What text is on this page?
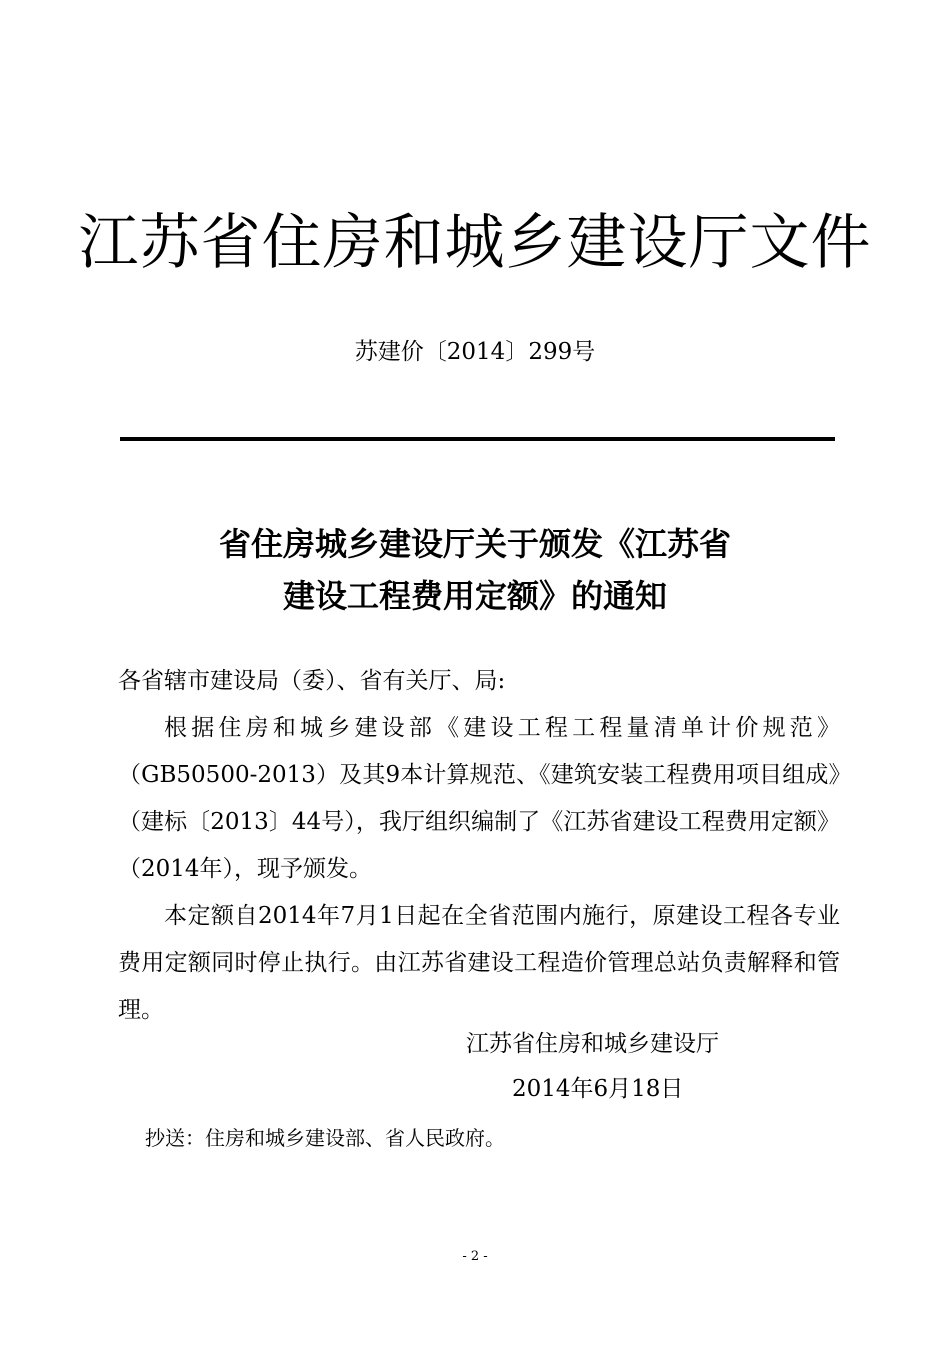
江苏省住房和城乡建设厅文件
苏建价〔2014〕299号
省住房城乡建设厅关于颁发《江苏省
建设工程费用定额》的通知
各省辖市建设局（委）、省有关厅、局:
根据住房和城乡建设部《建设工程工程量清单计价规范》（GB50500-2013）及其9本计算规范、《建筑安装工程费用项目组成》（建标〔2013〕44号），我厅组织编制了《江苏省建设工程费用定额》（2014年），现予颁发。
本定额自2014年7月1日起在全省范围内施行，原建设工程各专业费用定额同时停止执行。由江苏省建设工程造价管理总站负责解释和管理。
江苏省住房和城乡建设厅
2014年6月18日
抄送：住房和城乡建设部、省人民政府。
- 2 -
